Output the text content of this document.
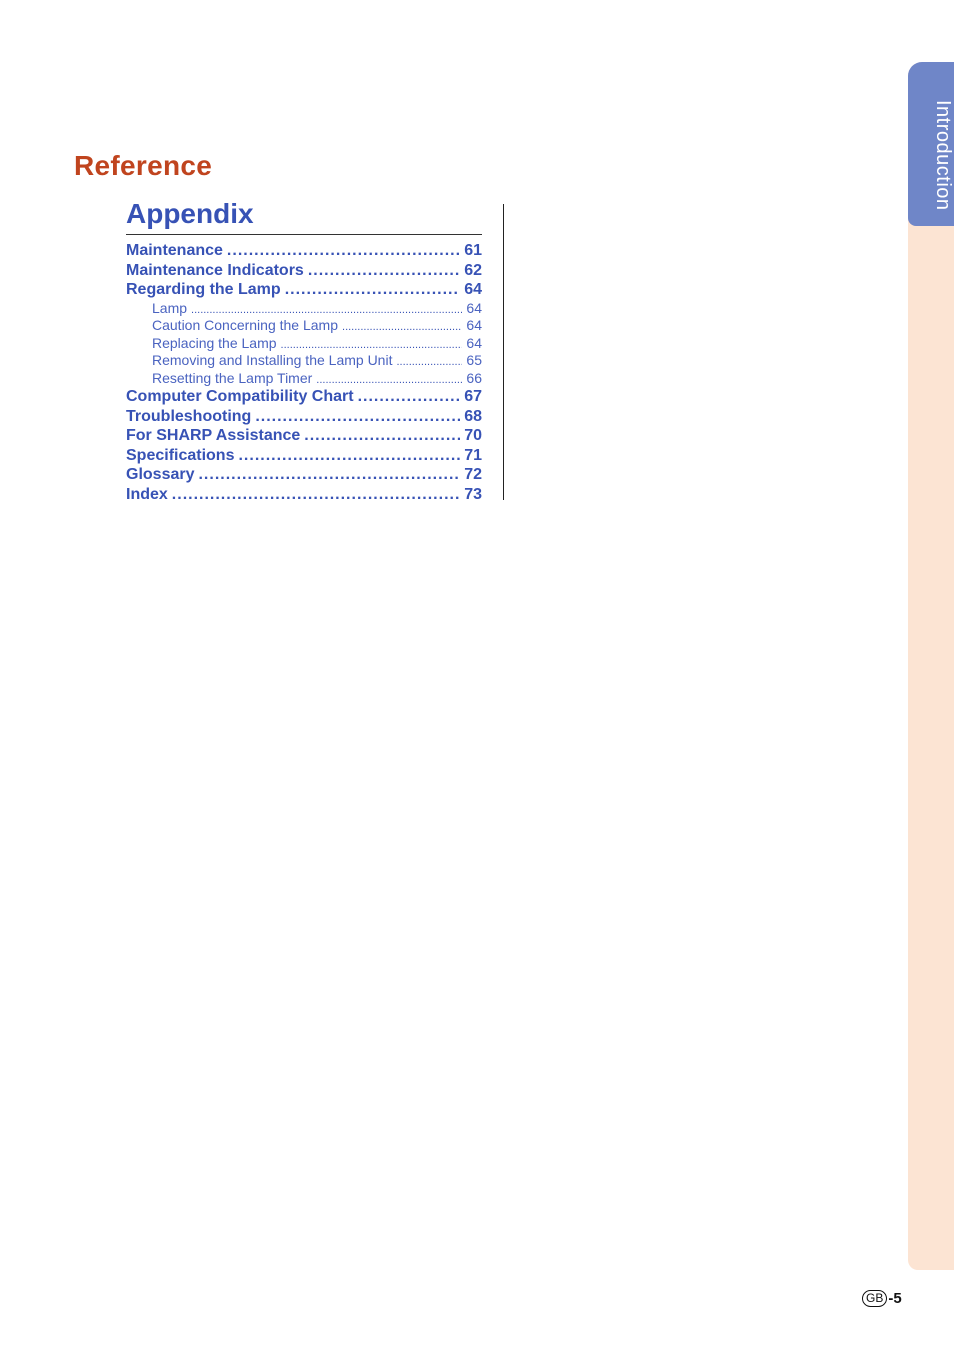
Introduction
Reference
Appendix
Maintenance .....	61
Maintenance Indicators .....	62
Regarding the Lamp .....	64
Lamp .....	64
Caution Concerning the Lamp .....	64
Replacing the Lamp .....	64
Removing and Installing the Lamp Unit .....	65
Resetting the Lamp Timer .....	66
Computer Compatibility Chart .....	67
Troubleshooting .....	68
For SHARP Assistance .....	70
Specifications .....	71
Glossary .....	72
Index .....	73
GB -5
